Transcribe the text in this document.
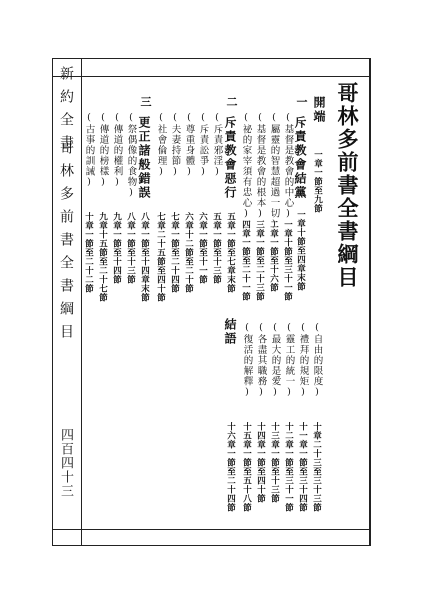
哥林多前書全書綱目
開端
一章一節至九節
一
斥責教會結黨
一章十節至四章末節
(基督是教會的中心)
(屬靈的智慧超過一切)
(基督是教會的根本)
(祕的家宰須有忠心)
一章十節至三十一節
二章一節至十六節
三章一節至二十三節
四章一節至二十一節
二
斥責教會惡行
五章一節至七章末節
(斥責邪淫)
(斥責訟爭)
(尊重身體)
(夫妻持節)
(社會倫理)
五章一節至十三節
六章一節至十一節
六章十二節至二十節
七章一節至二十四節
七章二十五節至四十節
三
更正諸般錯誤
八章一節至十四章末節
(祭偶像的食物)
(傳道的權利)
(傳道的榜樣)
(古事的訓誡)
八章一節至十三節
九章一節至十四節
九章十五節至二十七節
十章一節至二十二節
(自由的限度)
(禮拜的規矩)
(靈工的統一)
(最大的是愛)
(各盡其職務)
(復活的解釋)
十章二十三至三十三節
十一章一節至三十四節
十二章一節至三十一節
十三章一節至十三節
十四章一節至四十節
十五章一節至五十八節
結語
十六章一節至二十四節
新約全書
哥林多前書全書綱目
四百四十三
